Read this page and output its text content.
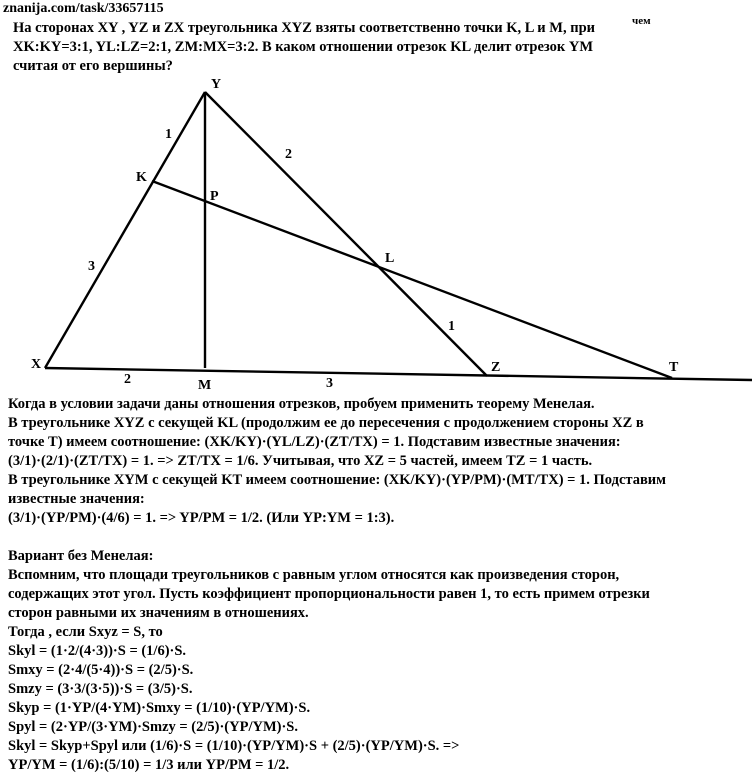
znanija.com/task/33657115
На сторонах XY , YZ и ZX треугольника XYZ взяты соответственно точки K, L и M, при	чем
XK:KY=3:1, YL:LZ=2:1, ZM:MX=3:2. В каком отношении отрезок KL делит отрезок YM
считая от его вершины?
Y
K
P
L
X
M
Z	T
1
3
2
1
2	3
Когда в условии задачи даны отношения отрезков, пробуем применить теорему Менелая.
В треугольнике XYZ с секущей KL (продолжим ее до пересечения с продолжением стороны XZ в
точке T) имеем соотношение: (XK/KY)·(YL/LZ)·(ZT/TX) = 1. Подставим известные значения:
(3/1)·(2/1)·(ZT/TX) = 1. => ZT/TX = 1/6. Учитывая, что XZ = 5 частей, имеем TZ = 1 часть.
В треугольнике XYM с секущей KT имеем соотношение: (XK/KY)·(YP/PM)·(MT/TX) = 1. Подставим
известные значения:
(3/1)·(YP/PM)·(4/6) = 1. => YP/PM = 1/2. (Или YP:YM = 1:3).
Вариант без Менелая:
Вспомним, что площади треугольников с равным углом относятся как произведения сторон,
содержащих этот угол. Пусть коэффициент пропорциональности равен 1, то есть примем отрезки
сторон равными их значениям в отношениях.
Тогда , если Sxyz = S, то
Skyl = (1·2/(4·3))·S = (1/6)·S.
Smxy = (2·4/(5·4))·S = (2/5)·S.
Smzy = (3·3/(3·5))·S = (3/5)·S.
Skyp = (1·YP/(4·YM)·Smxy = (1/10)·(YP/YM)·S.
Spyl = (2·YP/(3·YM)·Smzy = (2/5)·(YP/YM)·S.
Skyl = Skyp+Spyl или (1/6)·S = (1/10)·(YP/YM)·S + (2/5)·(YP/YM)·S. =>
YP/YM = (1/6):(5/10) = 1/3 или YP/PM = 1/2.
